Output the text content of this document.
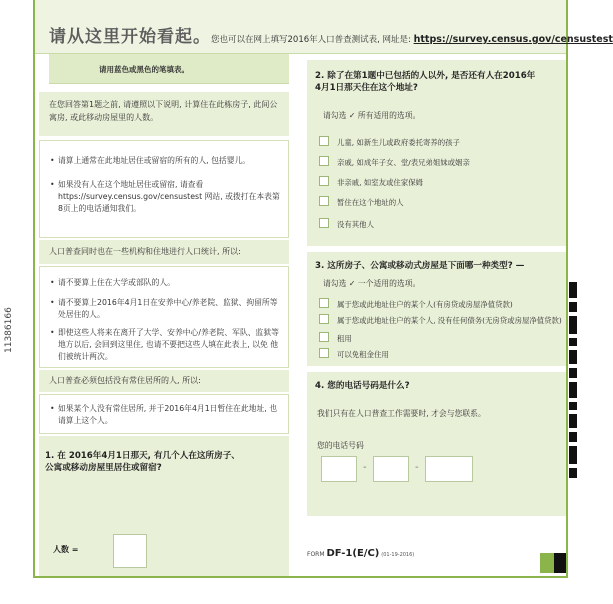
请从这里开始看起。您也可以在网上填写2016年人口普查测试表, 网址是: https://survey.census.gov/censustest
请用蓝色或黑色的笔填表。
在您回答第1题之前, 请遵照以下说明, 计算住在此栋房子, 此间公寓房, 或此移动房屋里的人数。
• 请算上通常在此地址居住或留宿的所有的人, 包括婴儿。
• 如果没有人在这个地址居住或留宿, 请查看https://survey.census.gov/censustest 网站, 或拨打在本表第8页上的电话通知我们。
人口普查同时也在一些机构和住地进行人口统计, 所以:
• 请不要算上住在大学或部队的人。
• 请不要算上2016年4月1日在安养中心/养老院、监狱、拘留所等处居住的人。
• 即使这些人将来在离开了大学、安养中心/养老院、军队、监狱等 地方以后, 会回到这里住, 也请不要把这些人填在此表上, 以免 他们被统计两次。
人口普查必须包括没有常住居所的人, 所以:
• 如果某个人没有常住居所, 并于2016年4月1日暂住在此地址, 也请算上这个人。
1. 在 2016年4月1日那天, 有几个人在这所房子、公寓或移动房屋里居住或留宿?
人数 =
2. 除了在第1题中已包括的人以外, 是否还有人在2016年4月1日那天住在这个地址?
请勾选 ✓ 所有适用的选项。
儿童, 如新生儿或政府委托寄养的孩子
亲戚, 如成年子女、堂/表兄弟姐妹或姻亲
非亲戚, 如室友或住家保姆
暂住在这个地址的人
没有其他人
3. 这所房子、公寓或移动式房屋是下面哪一种类型? —
请勾选 ✓ 一个适用的选项。
属于您或此地址住户的某个人(有房贷或房屋净值贷款)
属于您或此地址住户的某个人, 没有任何债务(无房贷或房屋净值贷款)
租用
可以免租金住用
4. 您的电话号码是什么?
我们只有在人口普查工作需要时, 才会与您联系。
您的电话号码
-	-
FORM DF-1(E/C) (01-19-2016)
11386166
